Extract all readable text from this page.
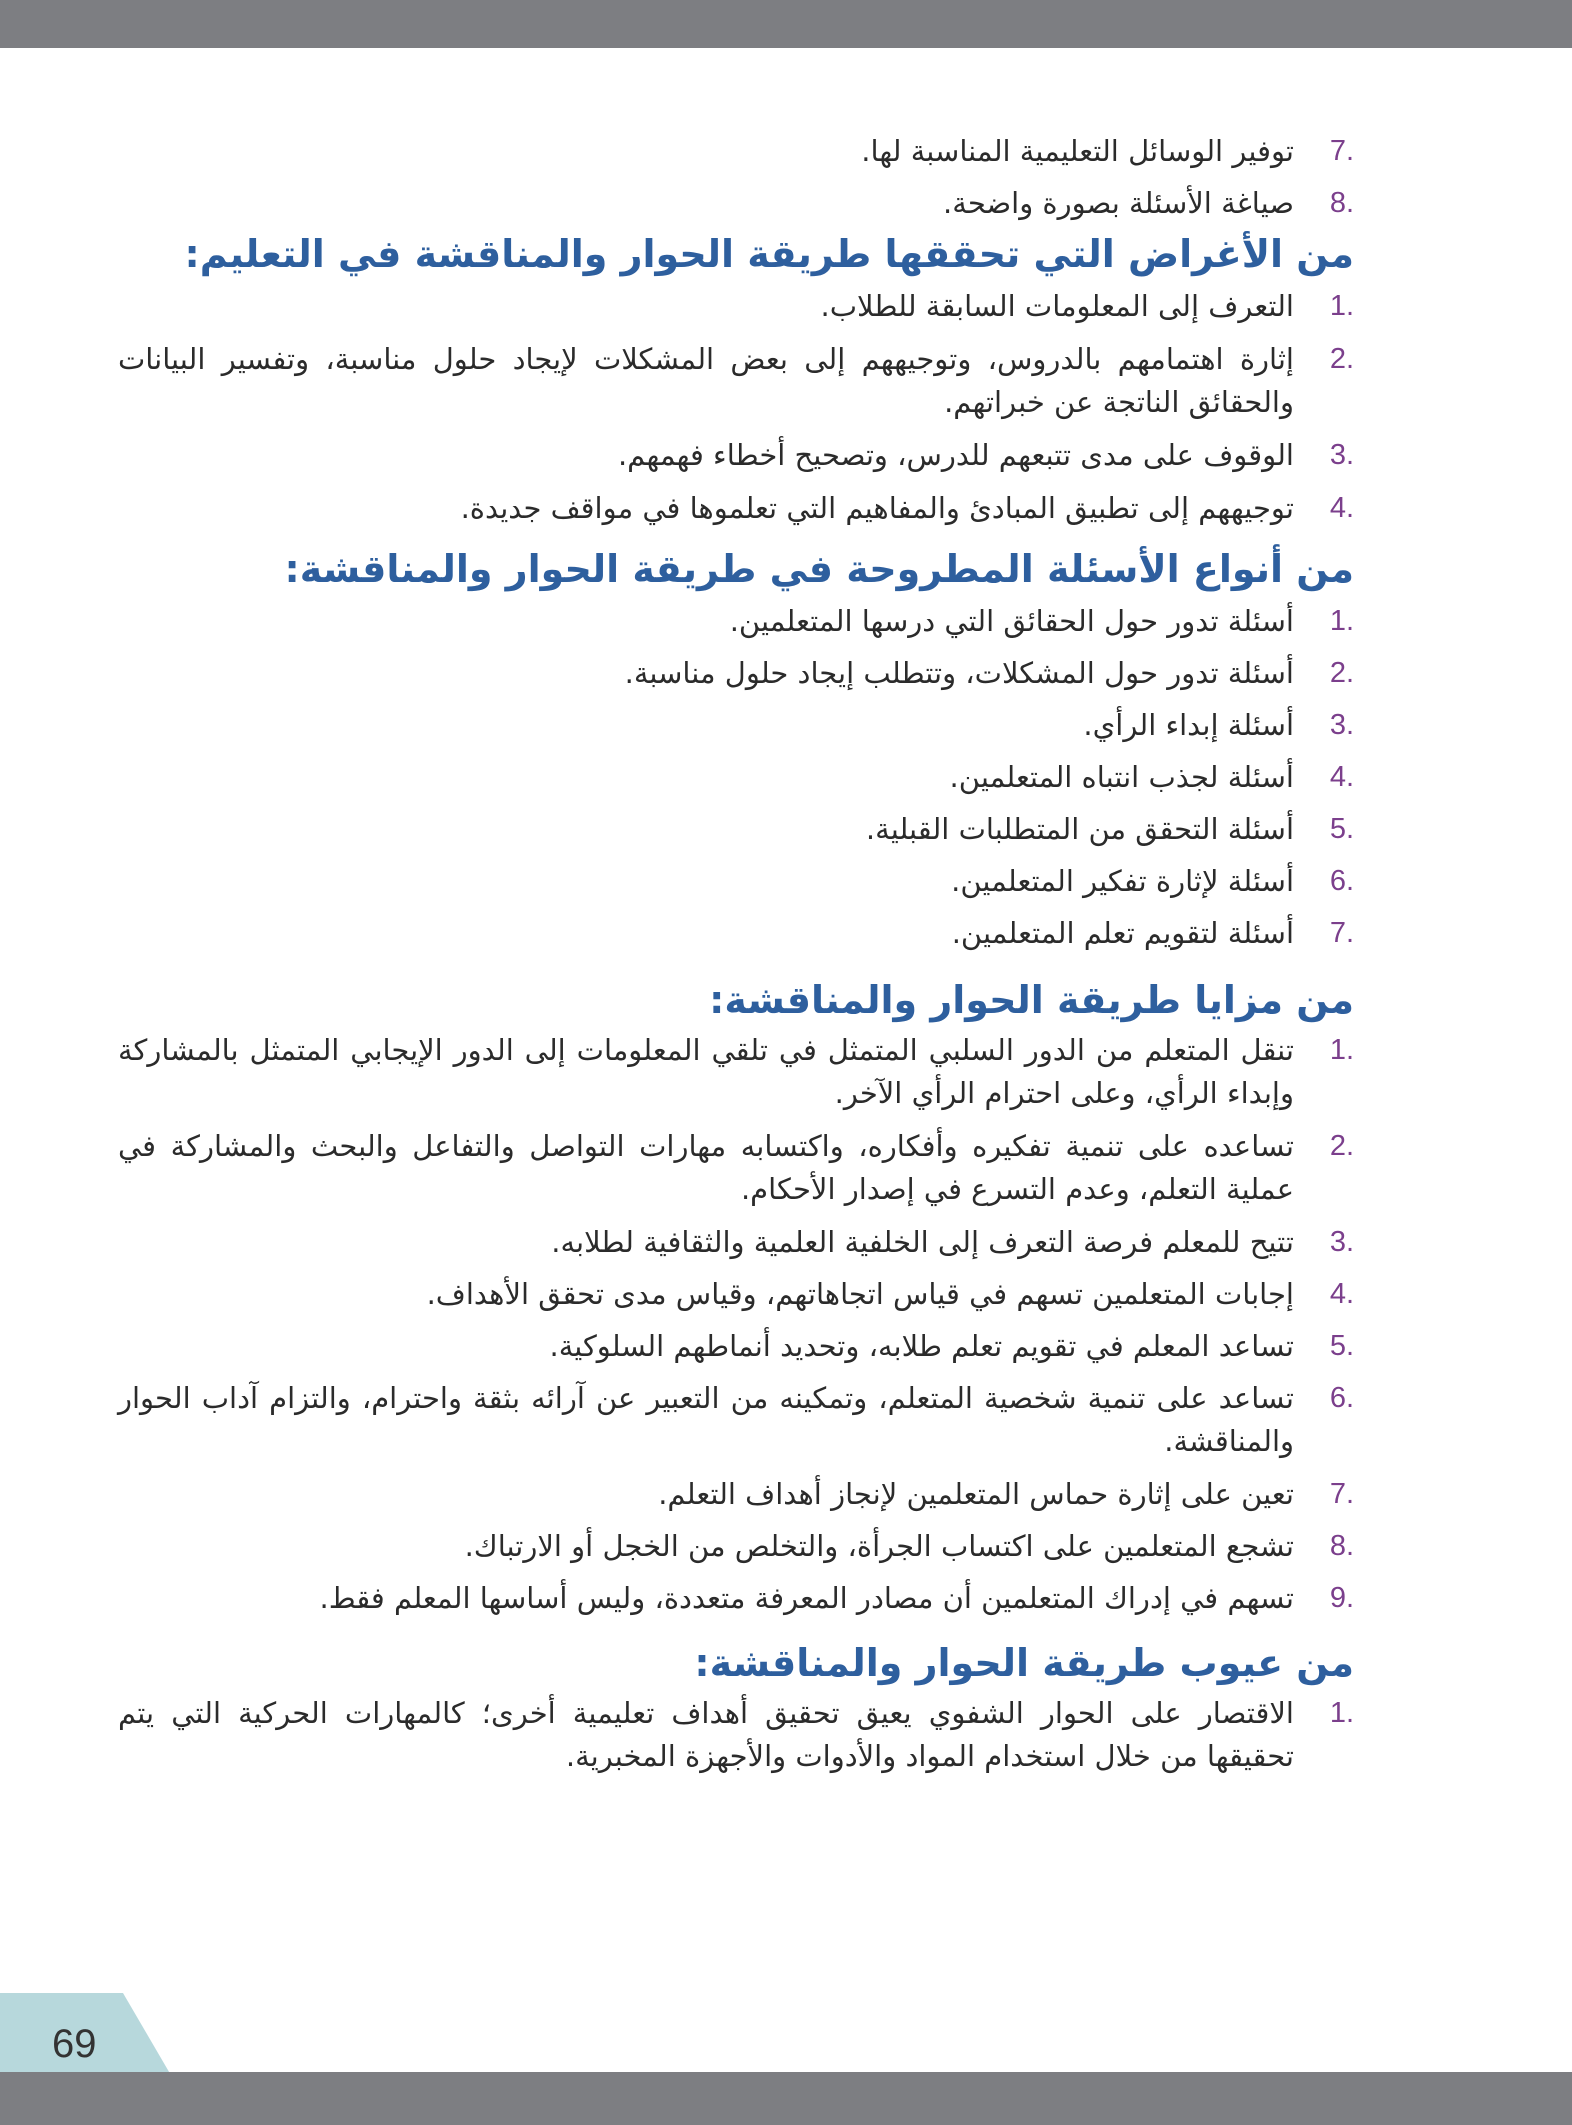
7.
توفير الوسائل التعليمية المناسبة لها.
8.
صياغة الأسئلة بصورة واضحة.
من الأغراض التي تحققها طريقة الحوار والمناقشة في التعليم:
1.
التعرف إلى المعلومات السابقة للطلاب.
2.
إثارة اهتمامهم بالدروس، وتوجيههم إلى بعض المشكلات لإيجاد حلول مناسبة، وتفسير البيانات والحقائق الناتجة عن خبراتهم.
3.
الوقوف على مدى تتبعهم للدرس، وتصحيح أخطاء فهمهم.
4.
توجيههم إلى تطبيق المبادئ والمفاهيم التي تعلموها في مواقف جديدة.
من أنواع الأسئلة المطروحة في طريقة الحوار والمناقشة:
1.
أسئلة تدور حول الحقائق التي درسها المتعلمين.
2.
أسئلة تدور حول المشكلات، وتتطلب إيجاد حلول مناسبة.
3.
أسئلة إبداء الرأي.
4.
أسئلة لجذب انتباه المتعلمين.
5.
أسئلة التحقق من المتطلبات القبلية.
6.
أسئلة لإثارة تفكير المتعلمين.
7.
أسئلة لتقويم تعلم المتعلمين.
من مزايا طريقة الحوار والمناقشة:
1.
تنقل المتعلم من الدور السلبي المتمثل في تلقي المعلومات إلى الدور الإيجابي المتمثل بالمشاركة وإبداء الرأي، وعلى احترام الرأي الآخر.
2.
تساعده على تنمية تفكيره وأفكاره، واكتسابه مهارات التواصل والتفاعل والبحث والمشاركة في عملية التعلم، وعدم التسرع في إصدار الأحكام.
3.
تتيح للمعلم فرصة التعرف إلى الخلفية العلمية والثقافية لطلابه.
4.
إجابات المتعلمين تسهم في قياس اتجاهاتهم، وقياس مدى تحقق الأهداف.
5.
تساعد المعلم في تقويم تعلم طلابه، وتحديد أنماطهم السلوكية.
6.
تساعد على تنمية شخصية المتعلم، وتمكينه من التعبير عن آرائه بثقة واحترام، والتزام آداب الحوار والمناقشة.
7.
تعين على إثارة حماس المتعلمين لإنجاز أهداف التعلم.
8.
تشجع المتعلمين على اكتساب الجرأة، والتخلص من الخجل أو الارتباك.
9.
تسهم في إدراك المتعلمين أن مصادر المعرفة متعددة، وليس أساسها المعلم فقط.
من عيوب طريقة الحوار والمناقشة:
1.
الاقتصار على الحوار الشفوي يعيق تحقيق أهداف تعليمية أخرى؛ كالمهارات الحركية التي يتم تحقيقها من خلال استخدام المواد والأدوات والأجهزة المخبرية.
69
